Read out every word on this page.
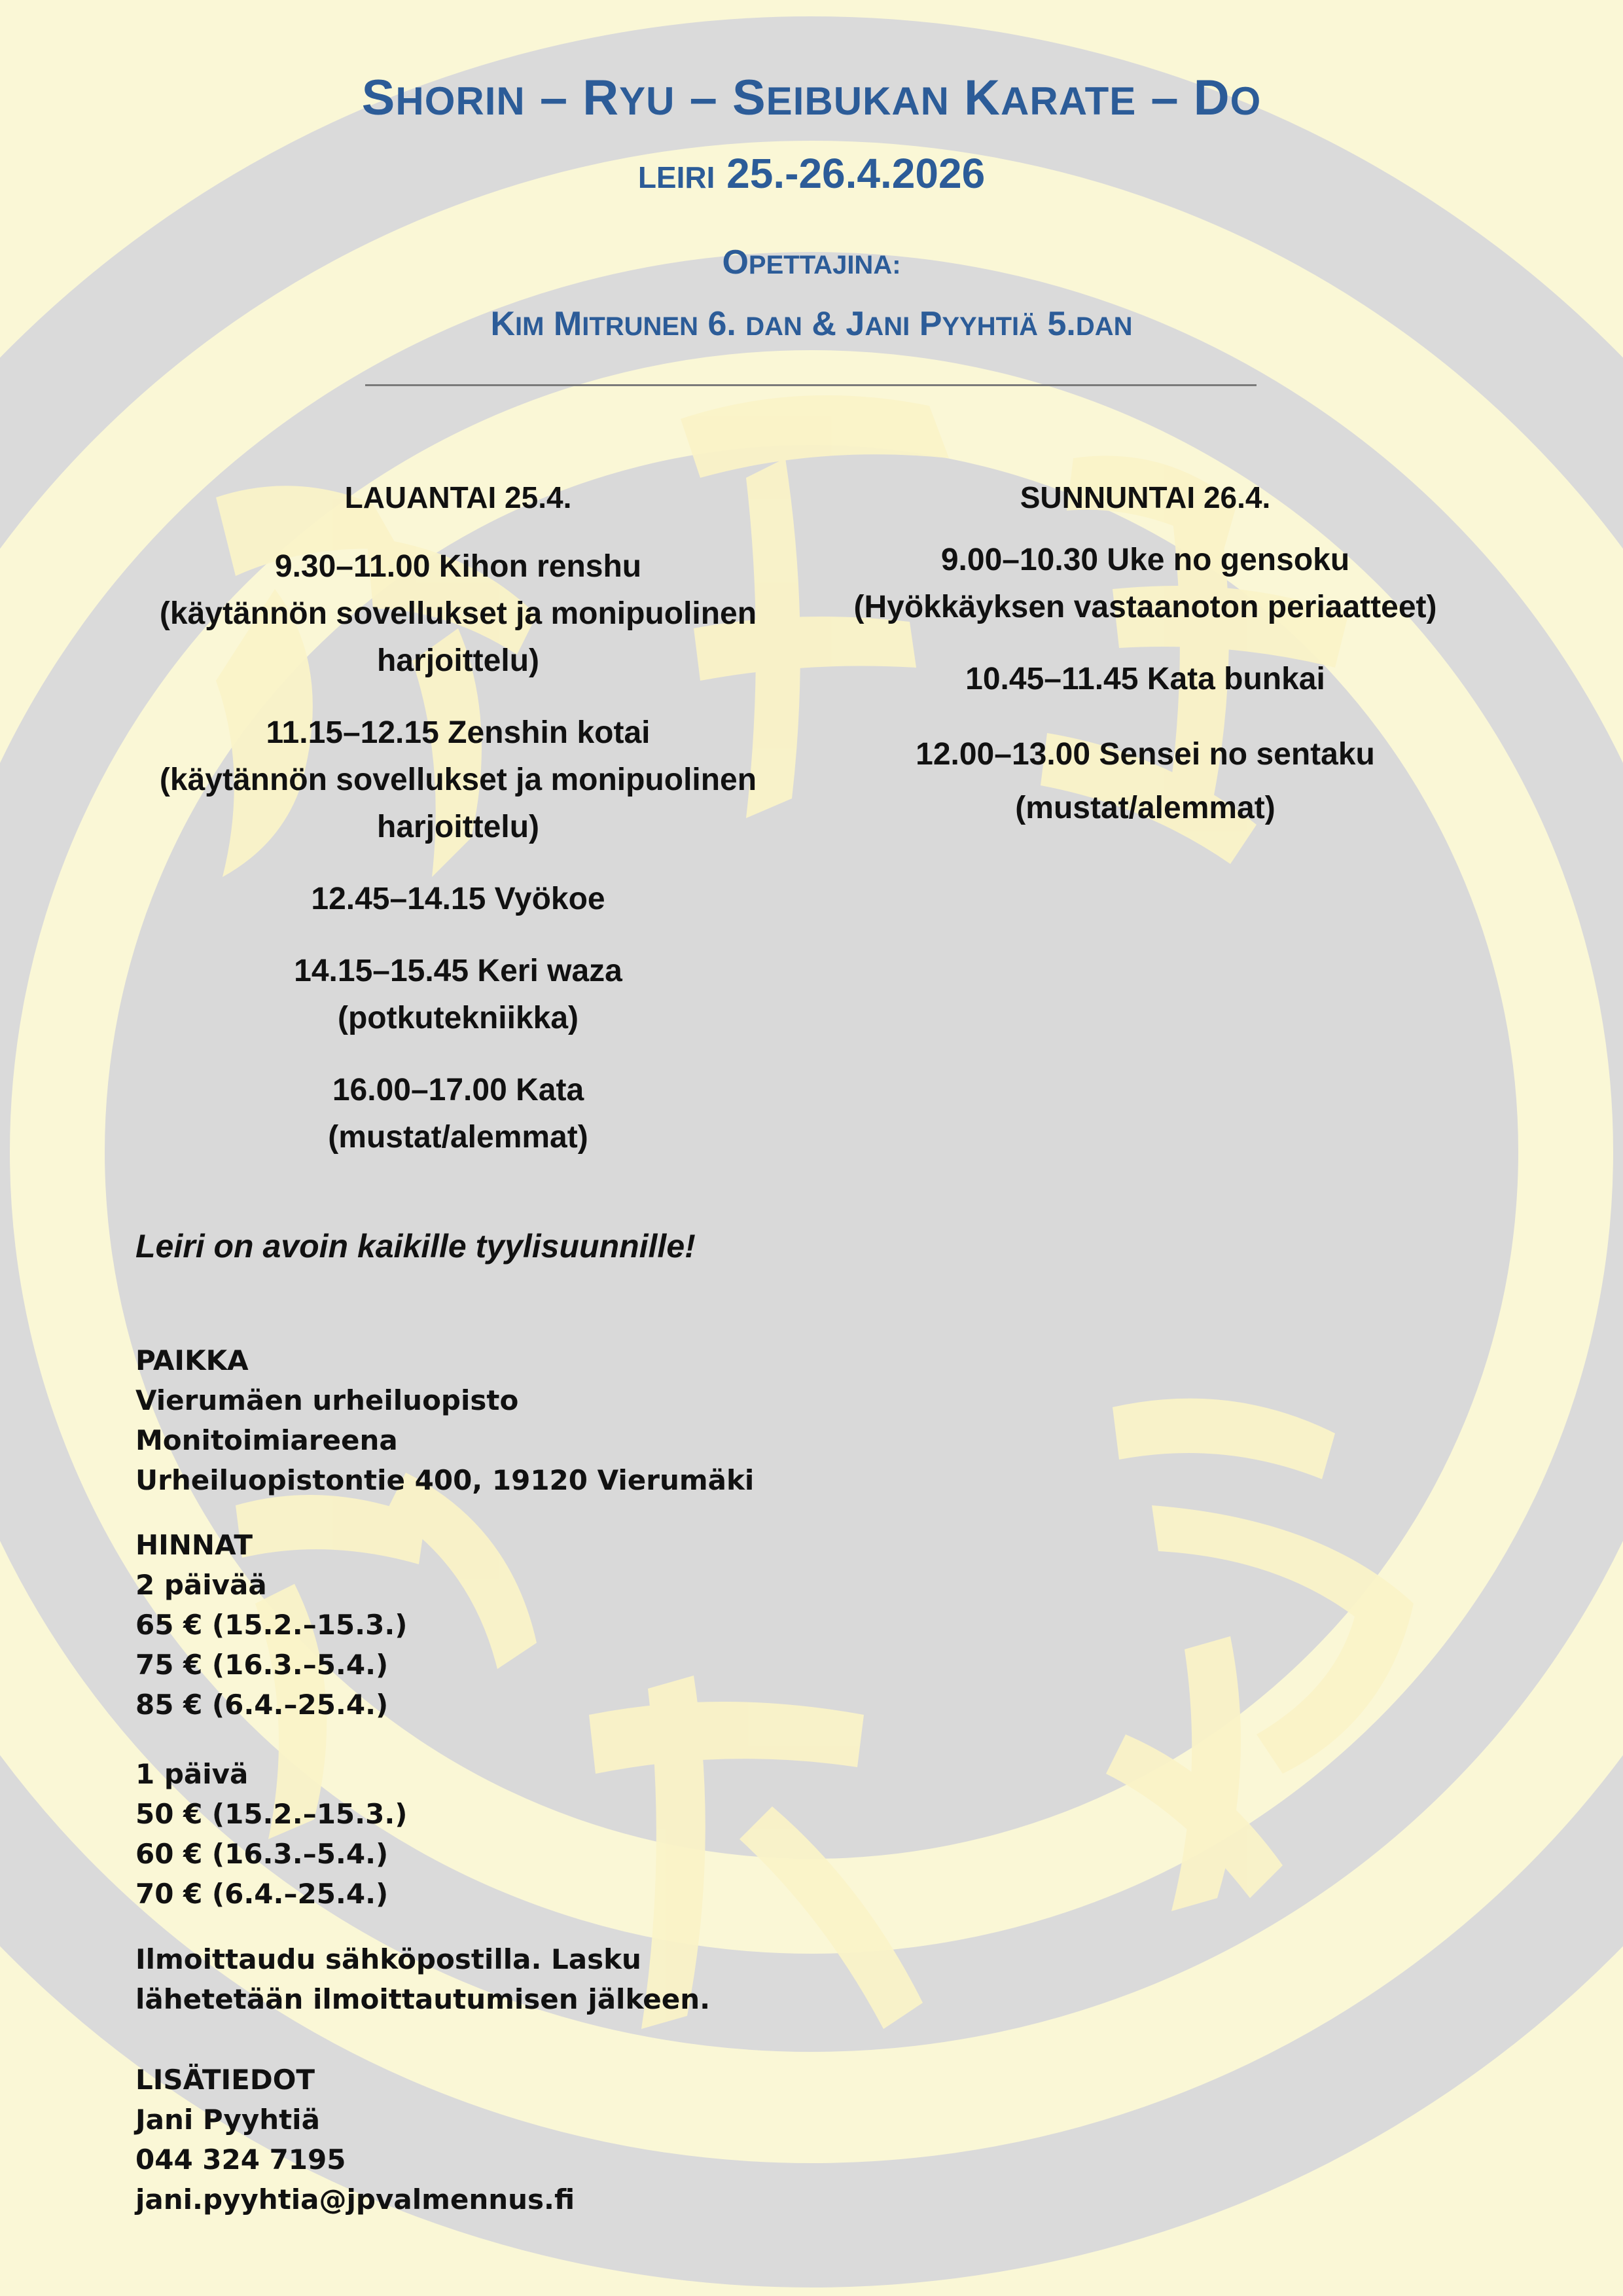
SHORIN – RYU – SEIBUKAN KARATE – DO
LEIRI 25.-26.4.2026
OPETTAJINA:
KIM MITRUNEN 6. DAN & JANI PYYHTIÄ 5.DAN
LAUANTAI 25.4.
9.30–11.00 Kihon renshu
(käytännön sovellukset ja monipuolinen
harjoittelu)
11.15–12.15 Zenshin kotai
(käytännön sovellukset ja monipuolinen
harjoittelu)
12.45–14.15 Vyökoe
14.15–15.45 Keri waza
(potkutekniikka)
16.00–17.00 Kata
(mustat/alemmat)
SUNNUNTAI 26.4.
9.00–10.30 Uke no gensoku
(Hyökkäyksen vastaanoton periaatteet)
10.45–11.45 Kata bunkai
12.00–13.00 Sensei no sentaku
(mustat/alemmat)
Leiri on avoin kaikille tyylisuunnille!
PAIKKA
Vierumäen urheiluopisto
Monitoimiareena
Urheiluopistontie 400, 19120 Vierumäki
HINNAT
2 päivää
65 € (15.2.–15.3.)
75 € (16.3.–5.4.)
85 € (6.4.–25.4.)
1 päivä
50 € (15.2.–15.3.)
60 € (16.3.–5.4.)
70 € (6.4.–25.4.)
Ilmoittaudu sähköpostilla. Lasku
lähetetään ilmoittautumisen jälkeen.
LISÄTIEDOT
Jani Pyyhtiä
044 324 7195
jani.pyyhtia@jpvalmennus.fi
